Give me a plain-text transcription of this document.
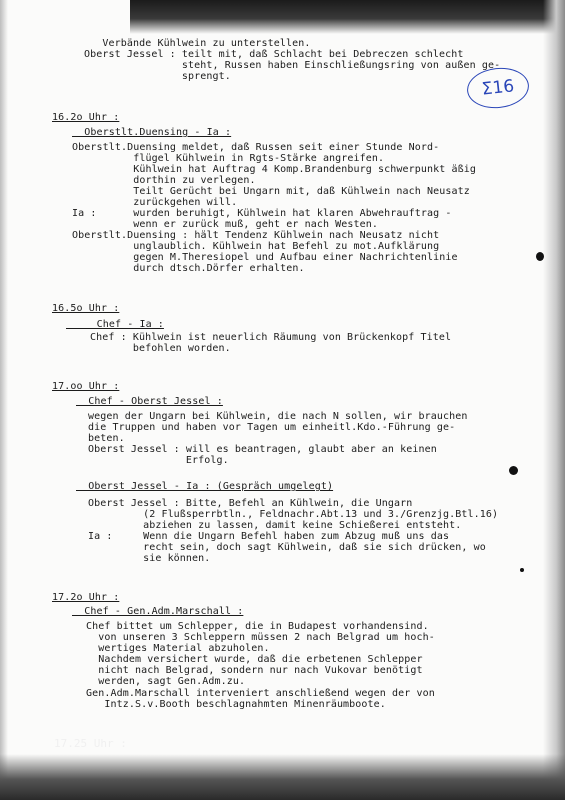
Σ16
Verbände Kühlwein zu unterstellen.
Oberst Jessel : teilt mit, daß Schlacht bei Debreczen schlecht
steht, Russen haben Einschließungsring von außen ge-
sprengt.
16.2o Uhr :
Oberstlt.Duensing - Ia :
Oberstlt.Duensing meldet, daß Russen seit einer Stunde Nord-
flügel Kühlwein in Rgts-Stärke angreifen.
Kühlwein hat Auftrag 4 Komp.Brandenburg schwerpunkt äßig
dorthin zu verlegen.
Teilt Gerücht bei Ungarn mit, daß Kühlwein nach Neusatz
zurückgehen will.
Ia :      wurden beruhigt, Kühlwein hat klaren Abwehrauftrag -
wenn er zurück muß, geht er nach Westen.
Oberstlt.Duensing : hält Tendenz Kühlwein nach Neusatz nicht
unglaublich. Kühlwein hat Befehl zu mot.Aufklärung
gegen M.Theresiopel und Aufbau einer Nachrichtenlinie
durch dtsch.Dörfer erhalten.
16.5o Uhr :
Chef - Ia :
Chef : Kühlwein ist neuerlich Räumung von Brückenkopf Titel
befohlen worden.
17.oo Uhr :
Chef - Oberst Jessel :
wegen der Ungarn bei Kühlwein, die nach N sollen, wir brauchen
die Truppen und haben vor Tagen um einheitl.Kdo.-Führung ge-
beten.
Oberst Jessel : will es beantragen, glaubt aber an keinen
Erfolg.
Oberst Jessel - Ia : (Gespräch umgelegt)
Oberst Jessel : Bitte, Befehl an Kühlwein, die Ungarn
(2 Flußsperrbtln., Feldnachr.Abt.13 und 3./Grenzjg.Btl.16)
abziehen zu lassen, damit keine Schießerei entsteht.
Ia :     Wenn die Ungarn Befehl haben zum Abzug muß uns das
recht sein, doch sagt Kühlwein, daß sie sich drücken, wo
sie können.
17.2o Uhr :
Chef - Gen.Adm.Marschall :
Chef bittet um Schlepper, die in Budapest vorhandensind.
von unseren 3 Schleppern müssen 2 nach Belgrad um hoch-
wertiges Material abzuholen.
Nachdem versichert wurde, daß die erbetenen Schlepper
nicht nach Belgrad, sondern nur nach Vukovar benötigt
werden, sagt Gen.Adm.zu.
Gen.Adm.Marschall interveniert anschließend wegen der von
Intz.S.v.Booth beschlagnahmten Minenräumboote.
17.25 Uhr :
